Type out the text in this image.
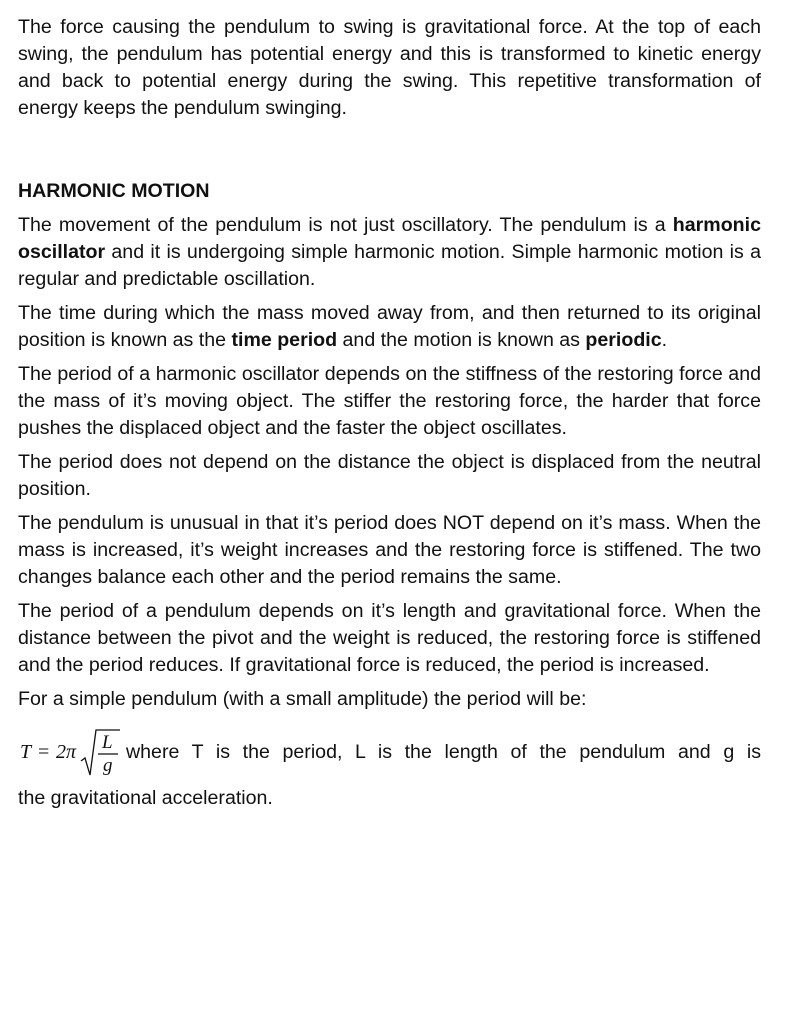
The force causing the pendulum to swing is gravitational force. At the top of each swing, the pendulum has potential energy and this is transformed to kinetic energy and back to potential energy during the swing. This repetitive transformation of energy keeps the pendulum swinging.

HARMONIC MOTION

The movement of the pendulum is not just oscillatory. The pendulum is a harmonic oscillator and it is undergoing simple harmonic motion. Simple harmonic motion is a regular and predictable oscillation.

The time during which the mass moved away from, and then returned to its original position is known as the time period and the motion is known as periodic.

The period of a harmonic oscillator depends on the stiffness of the restoring force and the mass of it’s moving object. The stiffer the restoring force, the harder that force pushes the displaced object and the faster the object oscillates.

The period does not depend on the distance the object is displaced from the neutral position.

The pendulum is unusual in that it’s period does NOT depend on it’s mass. When the mass is increased, it’s weight increases and the restoring force is stiffened. The two changes balance each other and the period remains the same.

The period of a pendulum depends on it’s length and gravitational force. When the distance between the pivot and the weight is reduced, the restoring force is stiffened and the period reduces. If gravitational force is reduced, the period is increased.

For a simple pendulum (with a small amplitude) the period will be:

T = 2π L
g
where T is the period, L is the length of the pendulum and g is

the gravitational acceleration.
